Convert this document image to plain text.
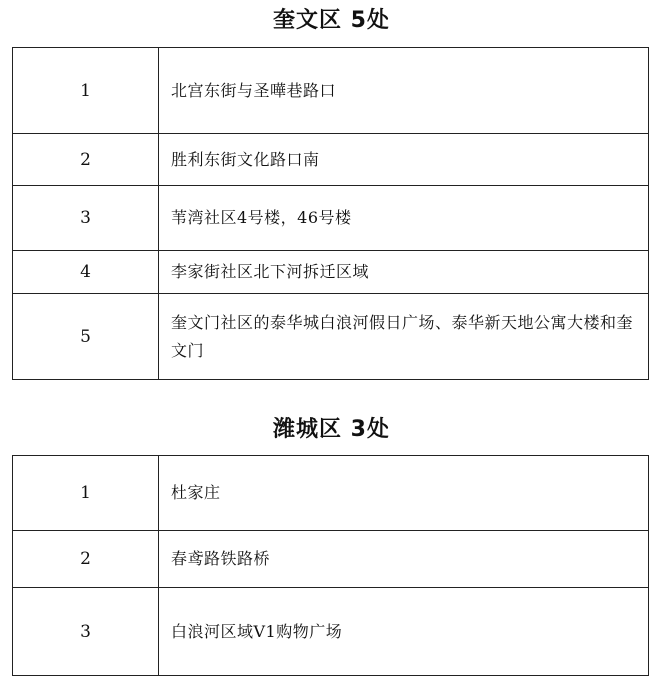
奎文区 5处
1	北宫东街与圣嘩巷路口
2	胜利东街文化路口南
3	苇湾社区4号楼，46号楼
4	李家街社区北下河拆迁区域
5	奎文门社区的泰华城白浪河假日广场、泰华新天地公寓大楼和奎文门
潍城区 3处
1	杜家庄
2	春鸢路铁路桥
3	白浪河区域V1购物广场
